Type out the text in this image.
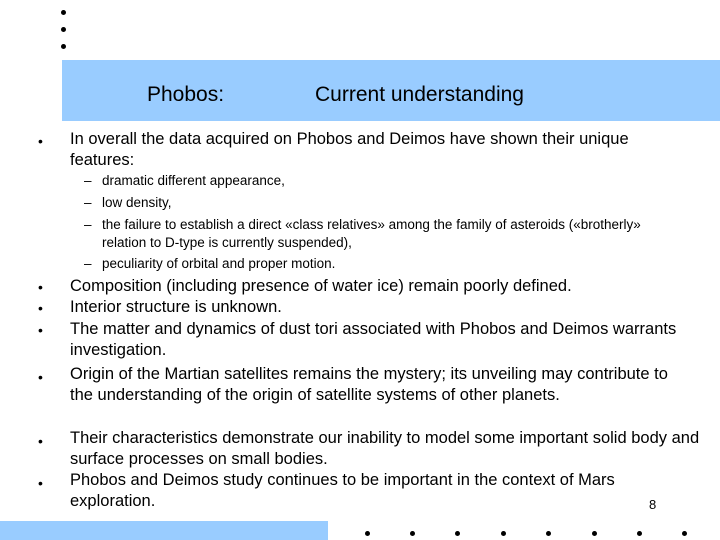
Phobos:	Current understanding
• In overall the data acquired on Phobos and Deimos have shown their unique features:
– dramatic different appearance,
– low density,
– the failure to establish a direct «class relatives» among the family of asteroids («brotherly» relation to D-type is currently suspended),
– peculiarity of orbital and proper motion.
• Composition (including presence of water ice) remain poorly defined.
• Interior structure is unknown.
• The matter and dynamics of dust tori associated with Phobos and Deimos warrants investigation.
• Origin of the Martian satellites remains the mystery; its unveiling may contribute to the understanding of the origin of satellite systems of other planets.
• Their characteristics demonstrate our inability to model some important solid body and surface processes on small bodies.
• Phobos and Deimos study continues to be important in the context of Mars exploration.	8
